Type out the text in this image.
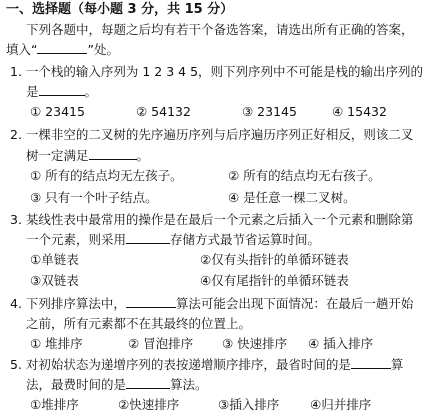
一、选择题（每小题 3 分，共 15 分）
下列各题中，每题之后均有若干个备选答案，请选出所有正确的答案，
填入“	”处。
1. 一个栈的输入序列为 1 2 3 4 5，则下列序列中不可能是栈的输出序列的
是	。
① 23415	② 54132	③ 23145	④ 15432
2. 一棵非空的二叉树的先序遍历序列与后序遍历序列正好相反，则该二叉
树一定满足	。
① 所有的结点均无左孩子。	② 所有的结点均无右孩子。
③ 只有一个叶子结点。	④ 是任意一棵二叉树。
3. 某线性表中最常用的操作是在最后一个元素之后插入一个元素和删除第
一个元素，则采用	存储方式最节省运算时间。
①单链表	②仅有头指针的单循环链表
③双链表	④仅有尾指针的单循环链表
4. 下列排序算法中，	算法可能会出现下面情况：在最后一趟开始
之前，所有元素都不在其最终的位置上。
① 堆排序	② 冒泡排序 ③ 快速排序 ④ 插入排序
5. 对初始状态为递增序列的表按递增顺序排序，最省时间的是	算
法，最费时间的是	算法。
①堆排序	②快速排序	③插入排序 ④归并排序
